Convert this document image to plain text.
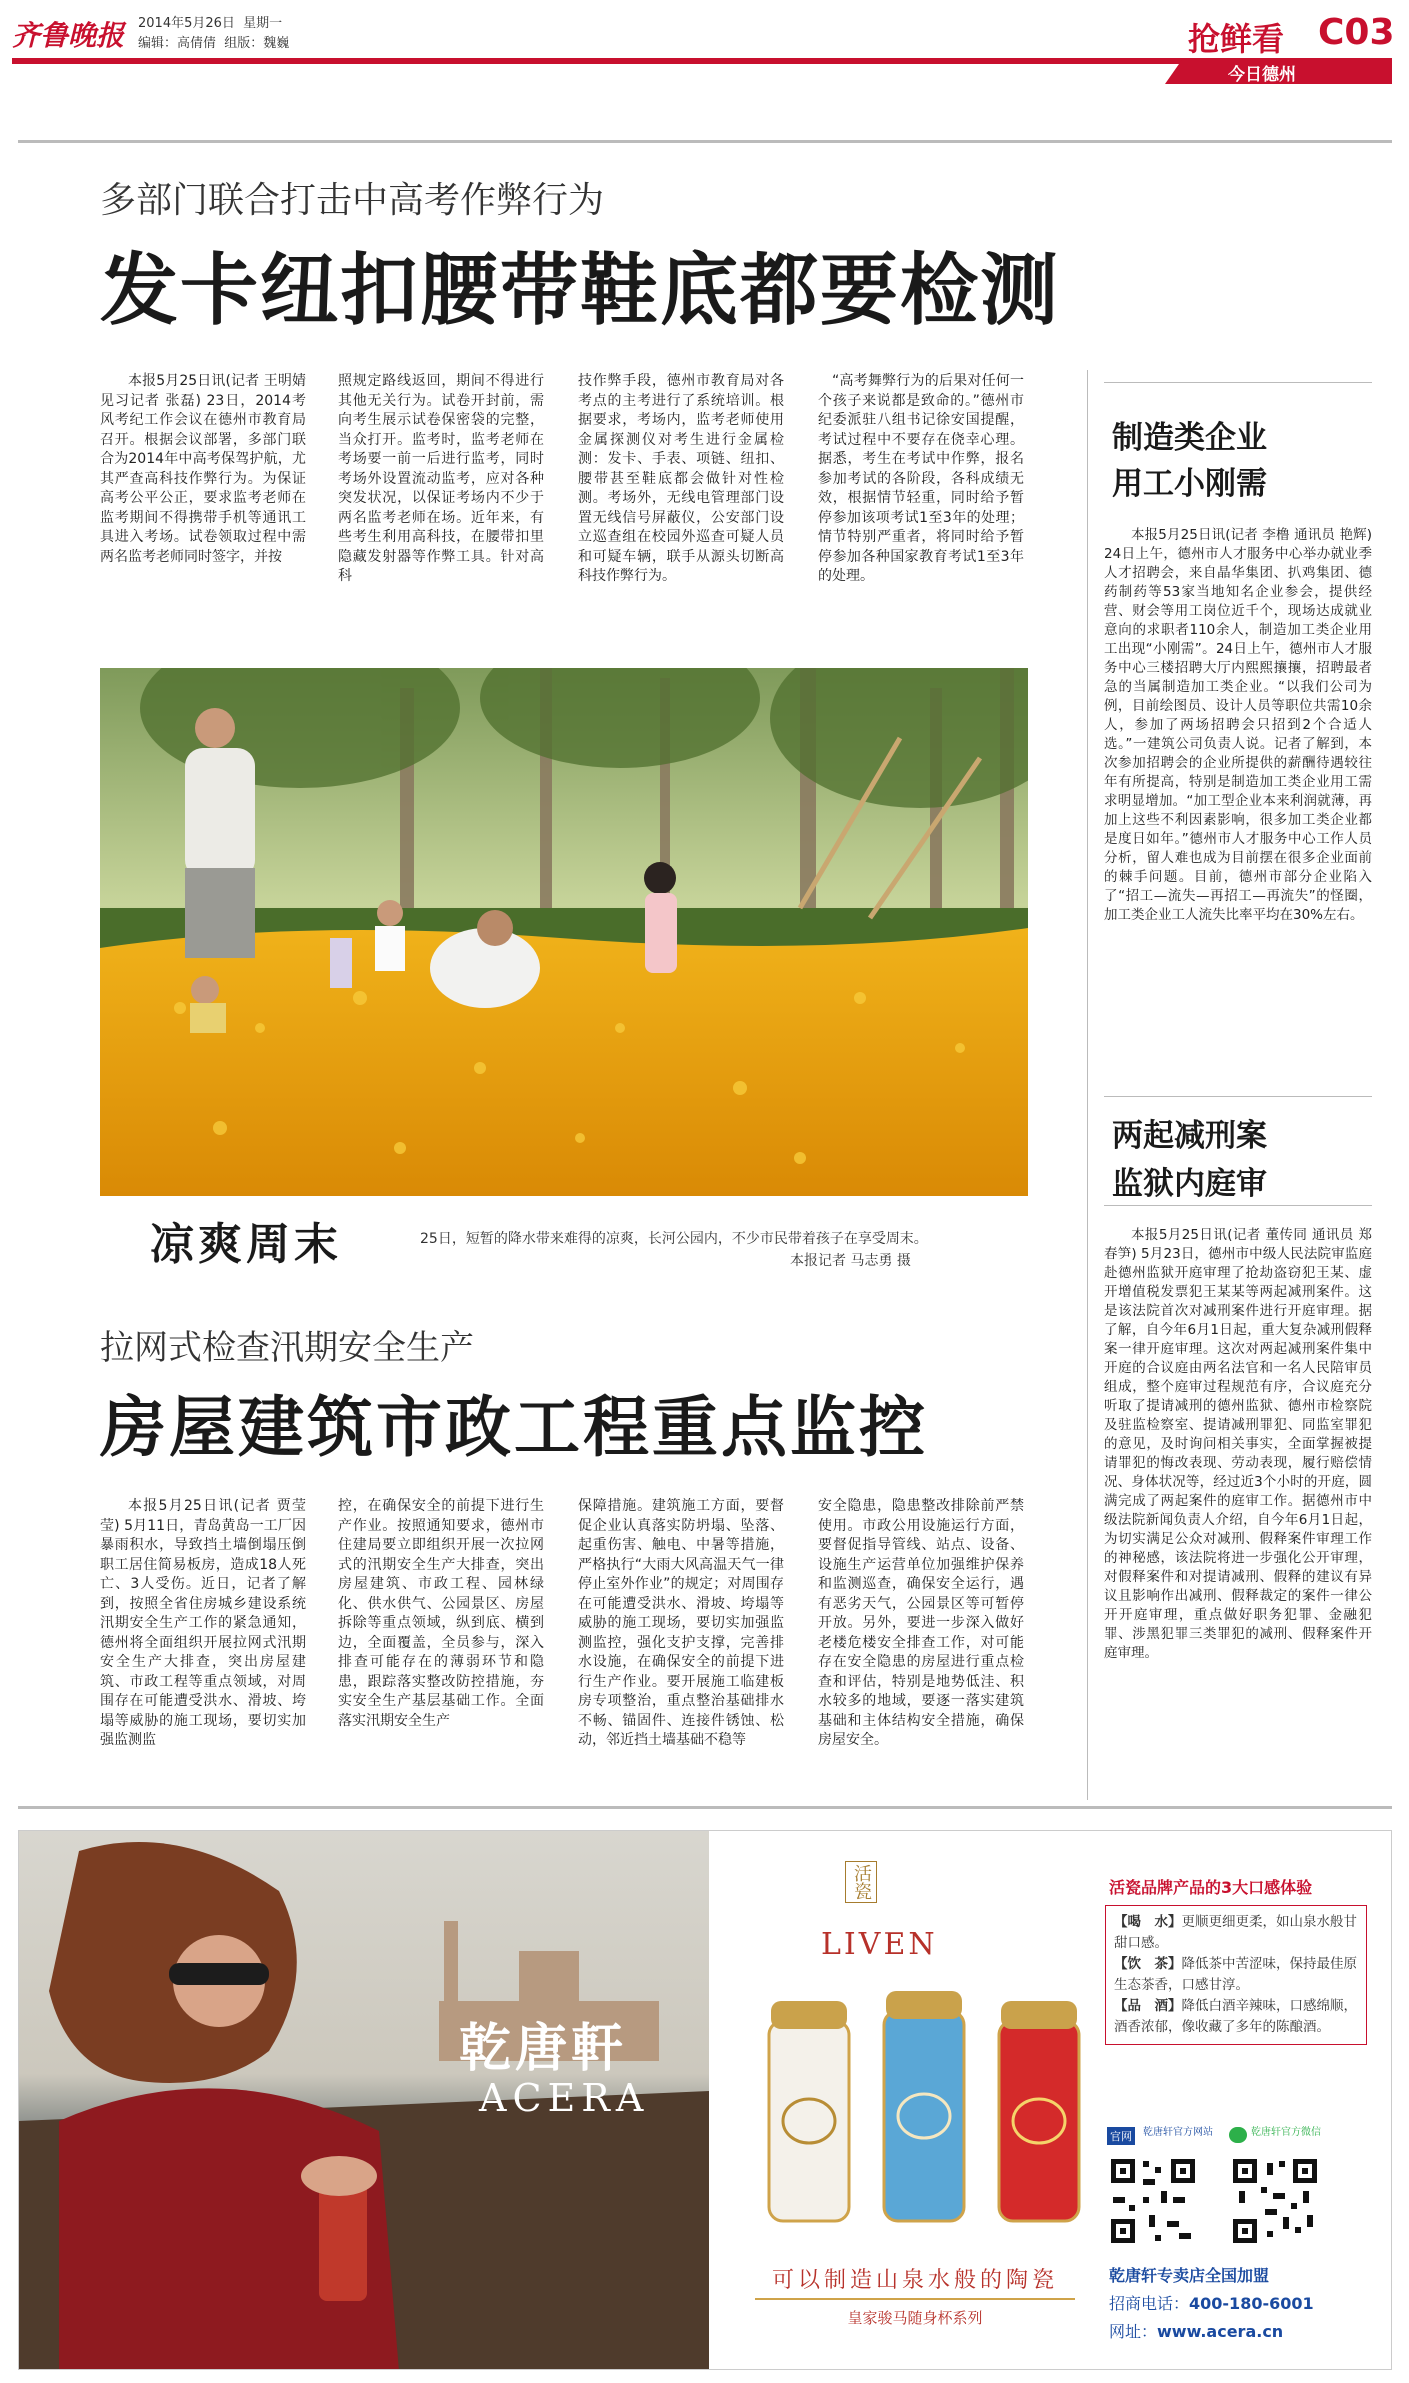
齐鲁晚报 2014年5月26日 星期一
编辑：高倩倩 组版：魏巍	抢鲜看 C03
今日德州
多部门联合打击中高考作弊行为
发卡纽扣腰带鞋底都要检测
本报5月25日讯(记者 王明婧 见习记者 张磊) 23日，2014考风考纪工作会议在德州市教育局召开。根据会议部署，多部门联合为2014年中高考保驾护航，尤其严查高科技作弊行为。为保证高考公平公正，要求监考老师在监考期间不得携带手机等通讯工具进入考场。试卷领取过程中需两名监考老师同时签字，并按
照规定路线返回，期间不得进行其他无关行为。试卷开封前，需向考生展示试卷保密袋的完整，当众打开。监考时，监考老师在考场要一前一后进行监考，同时考场外设置流动监考，应对各种突发状况，以保证考场内不少于两名监考老师在场。近年来，有些考生利用高科技，在腰带扣里隐藏发射器等作弊工具。针对高科
技作弊手段，德州市教育局对各考点的主考进行了系统培训。根据要求，考场内，监考老师使用金属探测仪对考生进行金属检测：发卡、手表、项链、纽扣、腰带甚至鞋底都会做针对性检测。考场外，无线电管理部门设置无线信号屏蔽仪，公安部门设立巡查组在校园外巡查可疑人员和可疑车辆，联手从源头切断高科技作弊行为。
“高考舞弊行为的后果对任何一个孩子来说都是致命的。”德州市纪委派驻八组书记徐安国提醒，考试过程中不要存在侥幸心理。据悉，考生在考试中作弊，报名参加考试的各阶段，各科成绩无效，根据情节轻重，同时给予暂停参加该项考试1至3年的处理；情节特别严重者，将同时给予暂停参加各种国家教育考试1至3年的处理。
凉爽周末	25日，短暂的降水带来难得的凉爽，长河公园内，不少市民带着孩子在享受周末。
本报记者 马志勇 摄
拉网式检查汛期安全生产
房屋建筑市政工程重点监控
本报5月25日讯(记者 贾莹莹) 5月11日，青岛黄岛一工厂因暴雨积水，导致挡土墙倒塌压倒职工居住简易板房，造成18人死亡、3人受伤。近日，记者了解到，按照全省住房城乡建设系统汛期安全生产工作的紧急通知，德州将全面组织开展拉网式汛期安全生产大排查，突出房屋建筑、市政工程等重点领域，对周围存在可能遭受洪水、滑坡、垮塌等威胁的施工现场，要切实加强监测监
控，在确保安全的前提下进行生产作业。按照通知要求，德州市住建局要立即组织开展一次拉网式的汛期安全生产大排查，突出房屋建筑、市政工程、园林绿化、供水供气、公园景区、房屋拆除等重点领域，纵到底、横到边，全面覆盖，全员参与，深入排查可能存在的薄弱环节和隐患，跟踪落实整改防控措施，夯实安全生产基层基础工作。全面落实汛期安全生产
保障措施。建筑施工方面，要督促企业认真落实防坍塌、坠落、起重伤害、触电、中暑等措施，严格执行“大雨大风高温天气一律停止室外作业”的规定；对周围存在可能遭受洪水、滑坡、垮塌等威胁的施工现场，要切实加强监测监控，强化支护支撑，完善排水设施，在确保安全的前提下进行生产作业。要开展施工临建板房专项整治，重点整治基础排水不畅、锚固件、连接件锈蚀、松动，邻近挡土墙基础不稳等
安全隐患，隐患整改排除前严禁使用。市政公用设施运行方面，要督促指导管线、站点、设备、设施生产运营单位加强维护保养和监测巡查，确保安全运行，遇有恶劣天气，公园景区等可暂停开放。另外，要进一步深入做好老楼危楼安全排查工作，对可能存在安全隐患的房屋进行重点检查和评估，特别是地势低洼、积水较多的地域，要逐一落实建筑基础和主体结构安全措施，确保房屋安全。
制造类企业
用工小刚需
本报5月25日讯(记者 李橹 通讯员 艳辉) 24日上午，德州市人才服务中心举办就业季人才招聘会，来自晶华集团、扒鸡集团、德药制药等53家当地知名企业参会，提供经营、财会等用工岗位近千个，现场达成就业意向的求职者110余人，制造加工类企业用工出现“小刚需”。24日上午，德州市人才服务中心三楼招聘大厅内熙熙攘攘，招聘最者急的当属制造加工类企业。“以我们公司为例，目前绘图员、设计人员等职位共需10余人，参加了两场招聘会只招到2个合适人选。”一建筑公司负责人说。记者了解到，本次参加招聘会的企业所提供的薪酬待遇较往年有所提高，特别是制造加工类企业用工需求明显增加。“加工型企业本来利润就薄，再加上这些不利因素影响，很多加工类企业都是度日如年。”德州市人才服务中心工作人员分析，留人难也成为目前摆在很多企业面前的棘手问题。目前，德州市部分企业陷入了“招工—流失—再招工—再流失”的怪圈，加工类企业工人流失比率平均在30%左右。
两起减刑案
监狱内庭审
本报5月25日讯(记者 董传同 通讯员 郑春笋) 5月23日，德州市中级人民法院审监庭赴德州监狱开庭审理了抢劫盗窃犯王某、虚开增值税发票犯王某某等两起减刑案件。这是该法院首次对减刑案件进行开庭审理。据了解，自今年6月1日起，重大复杂减刑假释案一律开庭审理。这次对两起减刑案件集中开庭的合议庭由两名法官和一名人民陪审员组成，整个庭审过程规范有序，合议庭充分听取了提请减刑的德州监狱、德州市检察院及驻监检察室、提请减刑罪犯、同监室罪犯的意见，及时询问相关事实，全面掌握被提请罪犯的悔改表现、劳动表现，履行赔偿情况、身体状况等，经过近3个小时的开庭，圆满完成了两起案件的庭审工作。据德州市中级法院新闻负责人介绍，自今年6月1日起，为切实满足公众对减刑、假释案件审理工作的神秘感，该法院将进一步强化公开审理，对假释案件和对提请减刑、假释的建议有异议且影响作出减刑、假释裁定的案件一律公开开庭审理，重点做好职务犯罪、金融犯罪、涉黑犯罪三类罪犯的减刑、假释案件开庭审理。
乾唐軒
ACERA
活瓷
LIVEN
可以制造山泉水般的陶瓷
皇家骏马随身杯系列
活瓷品牌产品的3大口感体验
【喝　水】更顺更细更柔，如山泉水般甘甜口感。
【饮　茶】降低茶中苦涩味，保持最佳原生态茶香，口感甘淳。
【品　酒】降低白酒辛辣味，口感绵顺，酒香浓郁，像收藏了多年的陈酿酒。
官网	乾唐轩官方网站	乾唐轩官方微信
乾唐轩专卖店全国加盟
招商电话：400-180-6001
网址：www.acera.cn
